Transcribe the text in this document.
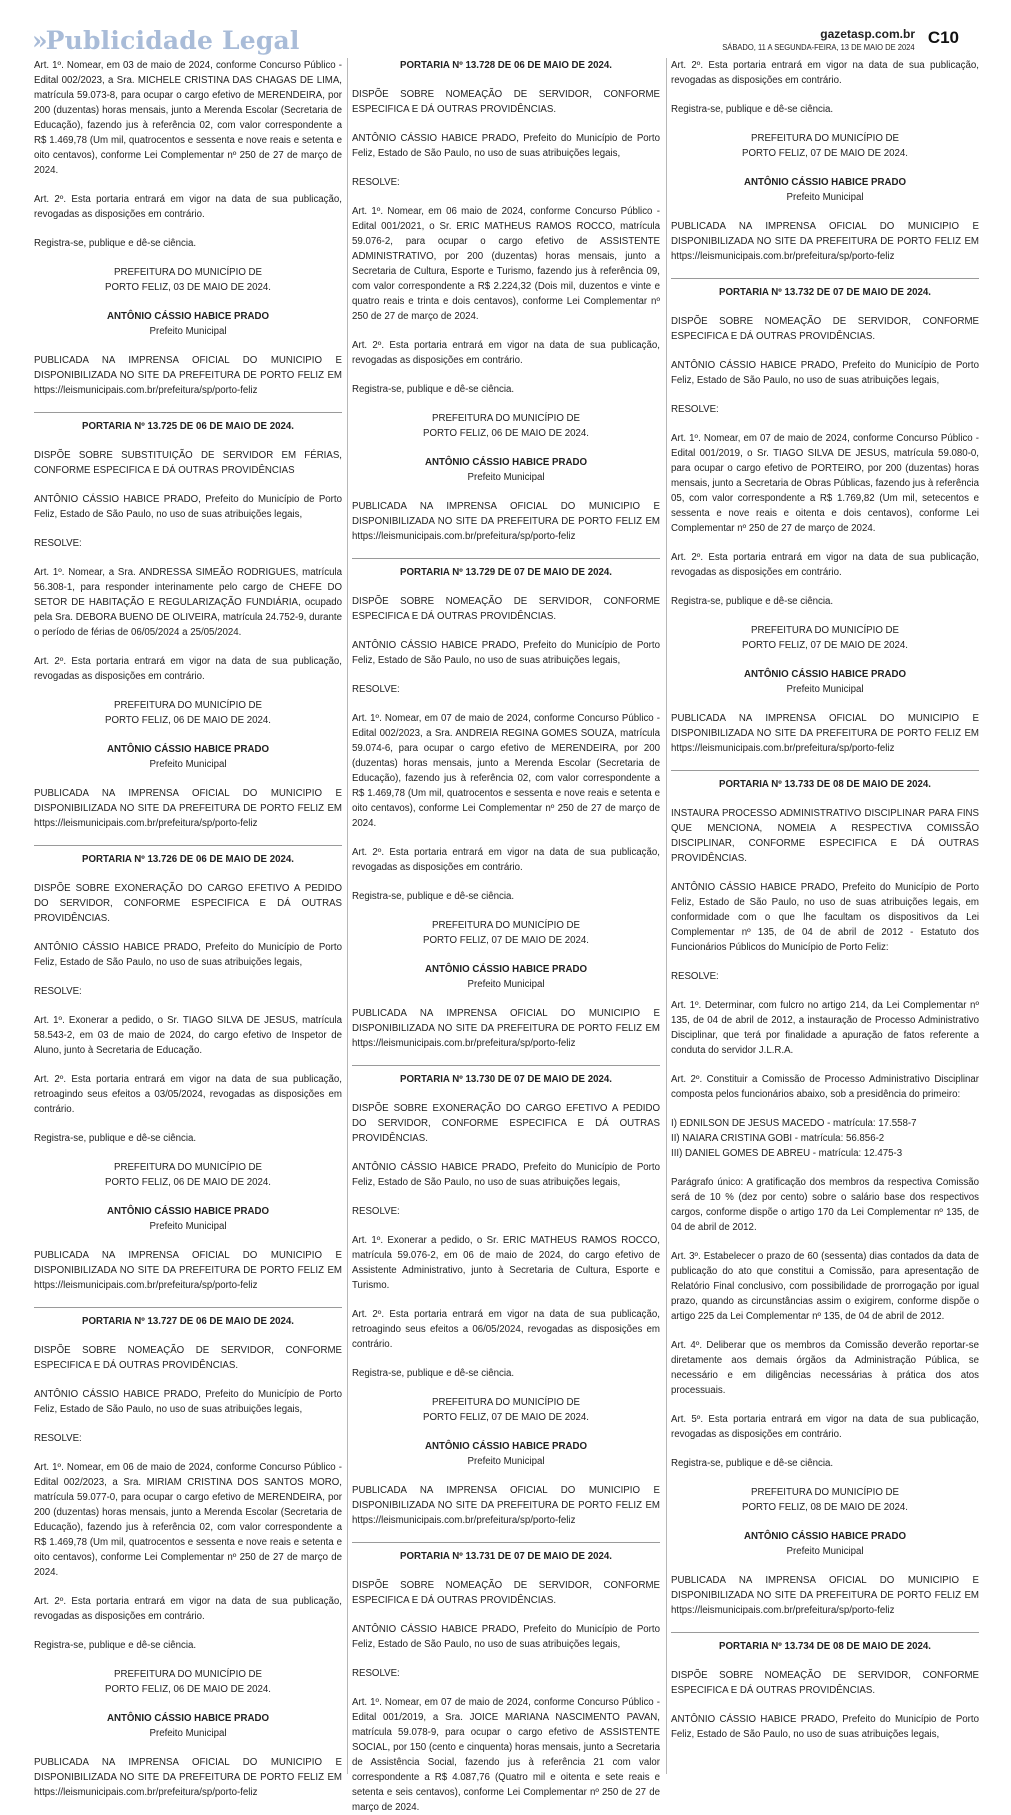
» Publicidade Legal	gazetasp.com.br
SÁBADO, 11 A SEGUNDA-FEIRA, 13 DE MAIO DE 2024 C10
Art. 1º. Nomear, em 03 de maio de 2024, conforme Concurso Público - Edital 002/2023, a Sra. MICHELE CRISTINA DAS CHAGAS DE LIMA, matrícula 59.073-8, para ocupar o cargo efetivo de MERENDEIRA, por 200 (duzentas) horas mensais, junto a Merenda Escolar (Secretaria de Educação), fazendo jus à referência 02, com valor correspondente a R$ 1.469,78 (Um mil, quatrocentos e sessenta e nove reais e setenta e oito centavos), conforme Lei Complementar nº 250 de 27 de março de 2024.
Art. 2º. Esta portaria entrará em vigor na data de sua publicação, revogadas as disposições em contrário.
Registra-se, publique e dê-se ciência.
PREFEITURA DO MUNICÍPIO DE
PORTO FELIZ, 03 DE MAIO DE 2024.
ANTÔNIO CÁSSIO HABICE PRADO
Prefeito Municipal
PUBLICADA NA IMPRENSA OFICIAL DO MUNICIPIO E DISPONIBILIZADA NO SITE DA PREFEITURA DE PORTO FELIZ EM https://leismunicipais.com.br/prefeitura/sp/porto-feliz
PORTARIA Nº 13.725 DE 06 DE MAIO DE 2024.
DISPÕE SOBRE SUBSTITUIÇÃO DE SERVIDOR EM FÉRIAS, CONFORME ESPECIFICA E DÁ OUTRAS PROVIDÊNCIAS
ANTÔNIO CÁSSIO HABICE PRADO, Prefeito do Município de Porto Feliz, Estado de São Paulo, no uso de suas atribuições legais,
RESOLVE:
Art. 1º. Nomear, a Sra. ANDRESSA SIMEÃO RODRIGUES, matrícula 56.308-1, para responder interinamente pelo cargo de CHEFE DO SETOR DE HABITAÇÃO E REGULARIZAÇÃO FUNDIÁRIA, ocupado pela Sra. DEBORA BUENO DE OLIVEIRA, matrícula 24.752-9, durante o período de férias de 06/05/2024 a 25/05/2024.
Art. 2º. Esta portaria entrará em vigor na data de sua publicação, revogadas as disposições em contrário.
PREFEITURA DO MUNICÍPIO DE
PORTO FELIZ, 06 DE MAIO DE 2024.
ANTÔNIO CÁSSIO HABICE PRADO
Prefeito Municipal
PUBLICADA NA IMPRENSA OFICIAL DO MUNICIPIO E DISPONIBILIZADA NO SITE DA PREFEITURA DE PORTO FELIZ EM https://leismunicipais.com.br/prefeitura/sp/porto-feliz
PORTARIA Nº 13.726 DE 06 DE MAIO DE 2024.
DISPÕE SOBRE EXONERAÇÃO DO CARGO EFETIVO A PEDIDO DO SERVIDOR, CONFORME ESPECIFICA E DÁ OUTRAS PROVIDÊNCIAS.
ANTÔNIO CÁSSIO HABICE PRADO, Prefeito do Município de Porto Feliz, Estado de São Paulo, no uso de suas atribuições legais,
RESOLVE:
Art. 1º. Exonerar a pedido, o Sr. TIAGO SILVA DE JESUS, matrícula 58.543-2, em 03 de maio de 2024, do cargo efetivo de Inspetor de Aluno, junto à Secretaria de Educação.
Art. 2º. Esta portaria entrará em vigor na data de sua publicação, retroagindo seus efeitos a 03/05/2024, revogadas as disposições em contrário.
Registra-se, publique e dê-se ciência.
PREFEITURA DO MUNICÍPIO DE
PORTO FELIZ, 06 DE MAIO DE 2024.
ANTÔNIO CÁSSIO HABICE PRADO
Prefeito Municipal
PUBLICADA NA IMPRENSA OFICIAL DO MUNICIPIO E DISPONIBILIZADA NO SITE DA PREFEITURA DE PORTO FELIZ EM https://leismunicipais.com.br/prefeitura/sp/porto-feliz
PORTARIA Nº 13.727 DE 06 DE MAIO DE 2024.
DISPÕE SOBRE NOMEAÇÃO DE SERVIDOR, CONFORME ESPECIFICA E DÁ OUTRAS PROVIDÊNCIAS.
ANTÔNIO CÁSSIO HABICE PRADO, Prefeito do Município de Porto Feliz, Estado de São Paulo, no uso de suas atribuições legais,
RESOLVE:
Art. 1º. Nomear, em 06 de maio de 2024, conforme Concurso Público - Edital 002/2023, a Sra. MIRIAM CRISTINA DOS SANTOS MORO, matrícula 59.077-0, para ocupar o cargo efetivo de MERENDEIRA, por 200 (duzentas) horas mensais, junto a Merenda Escolar (Secretaria de Educação), fazendo jus à referência 02, com valor correspondente a R$ 1.469,78 (Um mil, quatrocentos e sessenta e nove reais e setenta e oito centavos), conforme Lei Complementar nº 250 de 27 de março de 2024.
Art. 2º. Esta portaria entrará em vigor na data de sua publicação, revogadas as disposições em contrário.
Registra-se, publique e dê-se ciência.
PREFEITURA DO MUNICÍPIO DE
PORTO FELIZ, 06 DE MAIO DE 2024.
ANTÔNIO CÁSSIO HABICE PRADO
Prefeito Municipal
PUBLICADA NA IMPRENSA OFICIAL DO MUNICIPIO E DISPONIBILIZADA NO SITE DA PREFEITURA DE PORTO FELIZ EM https://leismunicipais.com.br/prefeitura/sp/porto-feliz
PORTARIA Nº 13.728 DE 06 DE MAIO DE 2024.
DISPÕE SOBRE NOMEAÇÃO DE SERVIDOR, CONFORME ESPECIFICA E DÁ OUTRAS PROVIDÊNCIAS.
ANTÔNIO CÁSSIO HABICE PRADO, Prefeito do Município de Porto Feliz, Estado de São Paulo, no uso de suas atribuições legais,
RESOLVE:
Art. 1º. Nomear, em 06 maio de 2024, conforme Concurso Público - Edital 001/2021, o Sr. ERIC MATHEUS RAMOS ROCCO, matrícula 59.076-2, para ocupar o cargo efetivo de ASSISTENTE ADMINISTRATIVO, por 200 (duzentas) horas mensais, junto a Secretaria de Cultura, Esporte e Turismo, fazendo jus à referência 09, com valor correspondente a R$ 2.224,32 (Dois mil, duzentos e vinte e quatro reais e trinta e dois centavos), conforme Lei Complementar nº 250 de 27 de março de 2024.
Art. 2º. Esta portaria entrará em vigor na data de sua publicação, revogadas as disposições em contrário.
Registra-se, publique e dê-se ciência.
PREFEITURA DO MUNICÍPIO DE
PORTO FELIZ, 06 DE MAIO DE 2024.
ANTÔNIO CÁSSIO HABICE PRADO
Prefeito Municipal
PUBLICADA NA IMPRENSA OFICIAL DO MUNICIPIO E DISPONIBILIZADA NO SITE DA PREFEITURA DE PORTO FELIZ EM https://leismunicipais.com.br/prefeitura/sp/porto-feliz
PORTARIA Nº 13.729 DE 07 DE MAIO DE 2024.
DISPÕE SOBRE NOMEAÇÃO DE SERVIDOR, CONFORME ESPECIFICA E DÁ OUTRAS PROVIDÊNCIAS.
ANTÔNIO CÁSSIO HABICE PRADO, Prefeito do Município de Porto Feliz, Estado de São Paulo, no uso de suas atribuições legais,
RESOLVE:
Art. 1º. Nomear, em 07 de maio de 2024, conforme Concurso Público - Edital 002/2023, a Sra. ANDREIA REGINA GOMES SOUZA, matrícula 59.074-6, para ocupar o cargo efetivo de MERENDEIRA, por 200 (duzentas) horas mensais, junto a Merenda Escolar (Secretaria de Educação), fazendo jus à referência 02, com valor correspondente a R$ 1.469,78 (Um mil, quatrocentos e sessenta e nove reais e setenta e oito centavos), conforme Lei Complementar nº 250 de 27 de março de 2024.
Art. 2º. Esta portaria entrará em vigor na data de sua publicação, revogadas as disposições em contrário.
Registra-se, publique e dê-se ciência.
PREFEITURA DO MUNICÍPIO DE
PORTO FELIZ, 07 DE MAIO DE 2024.
ANTÔNIO CÁSSIO HABICE PRADO
Prefeito Municipal
PUBLICADA NA IMPRENSA OFICIAL DO MUNICIPIO E DISPONIBILIZADA NO SITE DA PREFEITURA DE PORTO FELIZ EM https://leismunicipais.com.br/prefeitura/sp/porto-feliz
PORTARIA Nº 13.730 DE 07 DE MAIO DE 2024.
DISPÕE SOBRE EXONERAÇÃO DO CARGO EFETIVO A PEDIDO DO SERVIDOR, CONFORME ESPECIFICA E DÁ OUTRAS PROVIDÊNCIAS.
ANTÔNIO CÁSSIO HABICE PRADO, Prefeito do Município de Porto Feliz, Estado de São Paulo, no uso de suas atribuições legais,
RESOLVE:
Art. 1º. Exonerar a pedido, o Sr. ERIC MATHEUS RAMOS ROCCO, matrícula 59.076-2, em 06 de maio de 2024, do cargo efetivo de Assistente Administrativo, junto à Secretaria de Cultura, Esporte e Turismo.
Art. 2º. Esta portaria entrará em vigor na data de sua publicação, retroagindo seus efeitos a 06/05/2024, revogadas as disposições em contrário.
Registra-se, publique e dê-se ciência.
PREFEITURA DO MUNICÍPIO DE
PORTO FELIZ, 07 DE MAIO DE 2024.
ANTÔNIO CÁSSIO HABICE PRADO
Prefeito Municipal
PUBLICADA NA IMPRENSA OFICIAL DO MUNICIPIO E DISPONIBILIZADA NO SITE DA PREFEITURA DE PORTO FELIZ EM https://leismunicipais.com.br/prefeitura/sp/porto-feliz
PORTARIA Nº 13.731 DE 07 DE MAIO DE 2024.
DISPÕE SOBRE NOMEAÇÃO DE SERVIDOR, CONFORME ESPECIFICA E DÁ OUTRAS PROVIDÊNCIAS.
ANTÔNIO CÁSSIO HABICE PRADO, Prefeito do Município de Porto Feliz, Estado de São Paulo, no uso de suas atribuições legais,
RESOLVE:
Art. 1º. Nomear, em 07 de maio de 2024, conforme Concurso Público - Edital 001/2019, a Sra. JOICE MARIANA NASCIMENTO PAVAN, matrícula 59.078-9, para ocupar o cargo efetivo de ASSISTENTE SOCIAL, por 150 (cento e cinquenta) horas mensais, junto a Secretaria de Assistência Social, fazendo jus à referência 21 com valor correspondente a R$ 4.087,76 (Quatro mil e oitenta e sete reais e setenta e seis centavos), conforme Lei Complementar nº 250 de 27 de março de 2024.
Art. 2º. Esta portaria entrará em vigor na data de sua publicação, revogadas as disposições em contrário.
Registra-se, publique e dê-se ciência.
PREFEITURA DO MUNICÍPIO DE
PORTO FELIZ, 07 DE MAIO DE 2024.
ANTÔNIO CÁSSIO HABICE PRADO
Prefeito Municipal
PUBLICADA NA IMPRENSA OFICIAL DO MUNICIPIO E DISPONIBILIZADA NO SITE DA PREFEITURA DE PORTO FELIZ EM https://leismunicipais.com.br/prefeitura/sp/porto-feliz
PORTARIA Nº 13.732 DE 07 DE MAIO DE 2024.
DISPÕE SOBRE NOMEAÇÃO DE SERVIDOR, CONFORME ESPECIFICA E DÁ OUTRAS PROVIDÊNCIAS.
ANTÔNIO CÁSSIO HABICE PRADO, Prefeito do Município de Porto Feliz, Estado de São Paulo, no uso de suas atribuições legais,
RESOLVE:
Art. 1º. Nomear, em 07 de maio de 2024, conforme Concurso Público - Edital 001/2019, o Sr. TIAGO SILVA DE JESUS, matrícula 59.080-0, para ocupar o cargo efetivo de PORTEIRO, por 200 (duzentas) horas mensais, junto a Secretaria de Obras Públicas, fazendo jus à referência 05, com valor correspondente a R$ 1.769,82 (Um mil, setecentos e sessenta e nove reais e oitenta e dois centavos), conforme Lei Complementar nº 250 de 27 de março de 2024.
Art. 2º. Esta portaria entrará em vigor na data de sua publicação, revogadas as disposições em contrário.
Registra-se, publique e dê-se ciência.
PREFEITURA DO MUNICÍPIO DE
PORTO FELIZ, 07 DE MAIO DE 2024.
ANTÔNIO CÁSSIO HABICE PRADO
Prefeito Municipal
PUBLICADA NA IMPRENSA OFICIAL DO MUNICIPIO E DISPONIBILIZADA NO SITE DA PREFEITURA DE PORTO FELIZ EM https://leismunicipais.com.br/prefeitura/sp/porto-feliz
PORTARIA Nº 13.733 DE 08 DE MAIO DE 2024.
INSTAURA PROCESSO ADMINISTRATIVO DISCIPLINAR PARA FINS QUE MENCIONA, NOMEIA A RESPECTIVA COMISSÃO DISCIPLINAR, CONFORME ESPECIFICA E DÁ OUTRAS PROVIDÊNCIAS.
ANTÔNIO CÁSSIO HABICE PRADO, Prefeito do Município de Porto Feliz, Estado de São Paulo, no uso de suas atribuições legais, em conformidade com o que lhe facultam os dispositivos da Lei Complementar nº 135, de 04 de abril de 2012 - Estatuto dos Funcionários Públicos do Município de Porto Feliz:
RESOLVE:
Art. 1º. Determinar, com fulcro no artigo 214, da Lei Complementar nº 135, de 04 de abril de 2012, a instauração de Processo Administrativo Disciplinar, que terá por finalidade a apuração de fatos referente a conduta do servidor J.L.R.A.
Art. 2º. Constituir a Comissão de Processo Administrativo Disciplinar composta pelos funcionários abaixo, sob a presidência do primeiro:
I) EDNILSON DE JESUS MACEDO - matrícula: 17.558-7
II) NAIARA CRISTINA GOBI - matrícula: 56.856-2
III) DANIEL GOMES DE ABREU - matrícula: 12.475-3
Parágrafo único: A gratificação dos membros da respectiva Comissão será de 10 % (dez por cento) sobre o salário base dos respectivos cargos, conforme dispõe o artigo 170 da Lei Complementar nº 135, de 04 de abril de 2012.
Art. 3º. Estabelecer o prazo de 60 (sessenta) dias contados da data de publicação do ato que constitui a Comissão, para apresentação de Relatório Final conclusivo, com possibilidade de prorrogação por igual prazo, quando as circunstâncias assim o exigirem, conforme dispõe o artigo 225 da Lei Complementar nº 135, de 04 de abril de 2012.
Art. 4º. Deliberar que os membros da Comissão deverão reportar-se diretamente aos demais órgãos da Administração Pública, se necessário e em diligências necessárias à prática dos atos processuais.
Art. 5º. Esta portaria entrará em vigor na data de sua publicação, revogadas as disposições em contrário.
Registra-se, publique e dê-se ciência.
PREFEITURA DO MUNICÍPIO DE
PORTO FELIZ, 08 DE MAIO DE 2024.
ANTÔNIO CÁSSIO HABICE PRADO
Prefeito Municipal
PUBLICADA NA IMPRENSA OFICIAL DO MUNICIPIO E DISPONIBILIZADA NO SITE DA PREFEITURA DE PORTO FELIZ EM https://leismunicipais.com.br/prefeitura/sp/porto-feliz
PORTARIA Nº 13.734 DE 08 DE MAIO DE 2024.
DISPÕE SOBRE NOMEAÇÃO DE SERVIDOR, CONFORME ESPECIFICA E DÁ OUTRAS PROVIDÊNCIAS.
ANTÔNIO CÁSSIO HABICE PRADO, Prefeito do Município de Porto Feliz, Estado de São Paulo, no uso de suas atribuições legais,
